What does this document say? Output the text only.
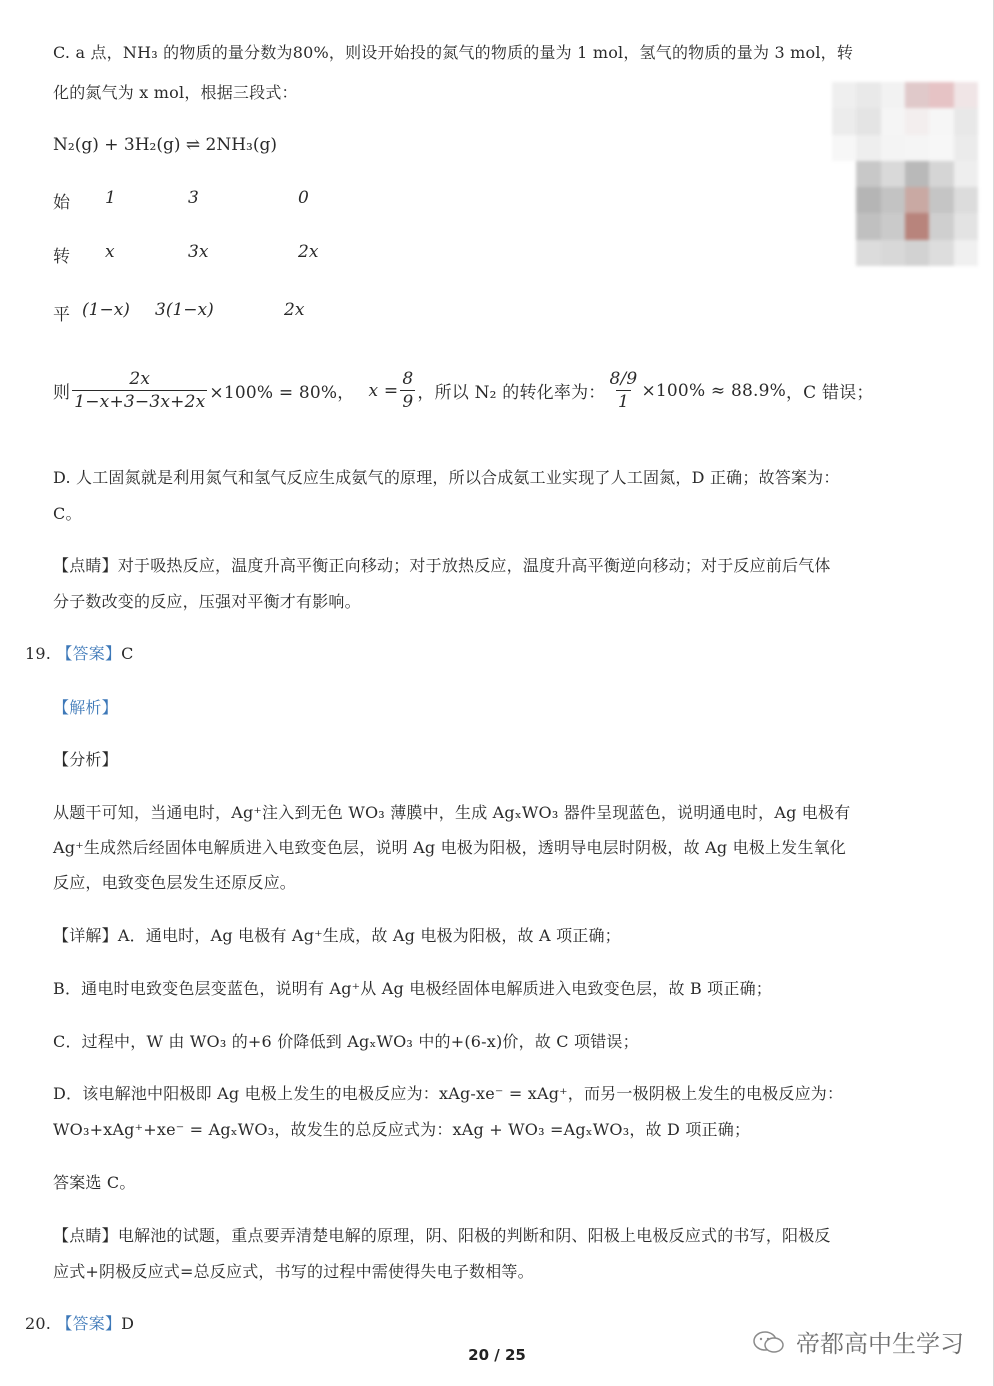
C. a 点，NH₃ 的物质的量分数为80%，则设开始投的氮气的物质的量为 1 mol，氢气的物质的量为 3 mol，转
化的氮气为 x mol，根据三段式：
N₂(g) + 3H₂(g) ⇌ 2NH₃(g)
始 1	3	0
转 x	3x	2x
平 (1−x) 3(1−x)	2x
则 $\frac{2x}{1-x+3-3x+2x} \times 100\% = 80\%$， $x = \frac{8}{9}$ ，所以 N₂ 的转化率为： $\frac{8/9}{1} \times 100\% \approx 88.9\%$ ，C 错误；
D. 人工固氮就是利用氮气和氢气反应生成氨气的原理，所以合成氨工业实现了人工固氮，D 正确；故答案为：
C。
【点睛】对于吸热反应，温度升高平衡正向移动；对于放热反应，温度升高平衡逆向移动；对于反应前后气体
分子数改变的反应，压强对平衡才有影响。
19. 【答案】C
【解析】
【分析】
从题干可知，当通电时，Ag⁺注入到无色 WO₃ 薄膜中，生成 AgₓWO₃ 器件呈现蓝色，说明通电时，Ag 电极有
Ag⁺生成然后经固体电解质进入电致变色层，说明 Ag 电极为阳极，透明导电层时阴极，故 Ag 电极上发生氧化
反应，电致变色层发生还原反应。
【详解】A．通电时，Ag 电极有 Ag⁺生成，故 Ag 电极为阳极，故 A 项正确；
B．通电时电致变色层变蓝色，说明有 Ag⁺从 Ag 电极经固体电解质进入电致变色层，故 B 项正确；
C．过程中，W 由 WO₃ 的+6 价降低到 AgₓWO₃ 中的+(6-x)价，故 C 项错误；
D．该电解池中阳极即 Ag 电极上发生的电极反应为：xAg-xe⁻ = xAg⁺，而另一极阴极上发生的电极反应为：
WO₃+xAg⁺+xe⁻ = AgₓWO₃，故发生的总反应式为：xAg + WO₃ =AgₓWO₃，故 D 项正确；
答案选 C。
【点睛】电解池的试题，重点要弄清楚电解的原理，阴、阳极的判断和阴、阳极上电极反应式的书写，阳极反
应式+阴极反应式=总反应式，书写的过程中需使得失电子数相等。
20. 【答案】D
20 / 25	帝都高中生学习
